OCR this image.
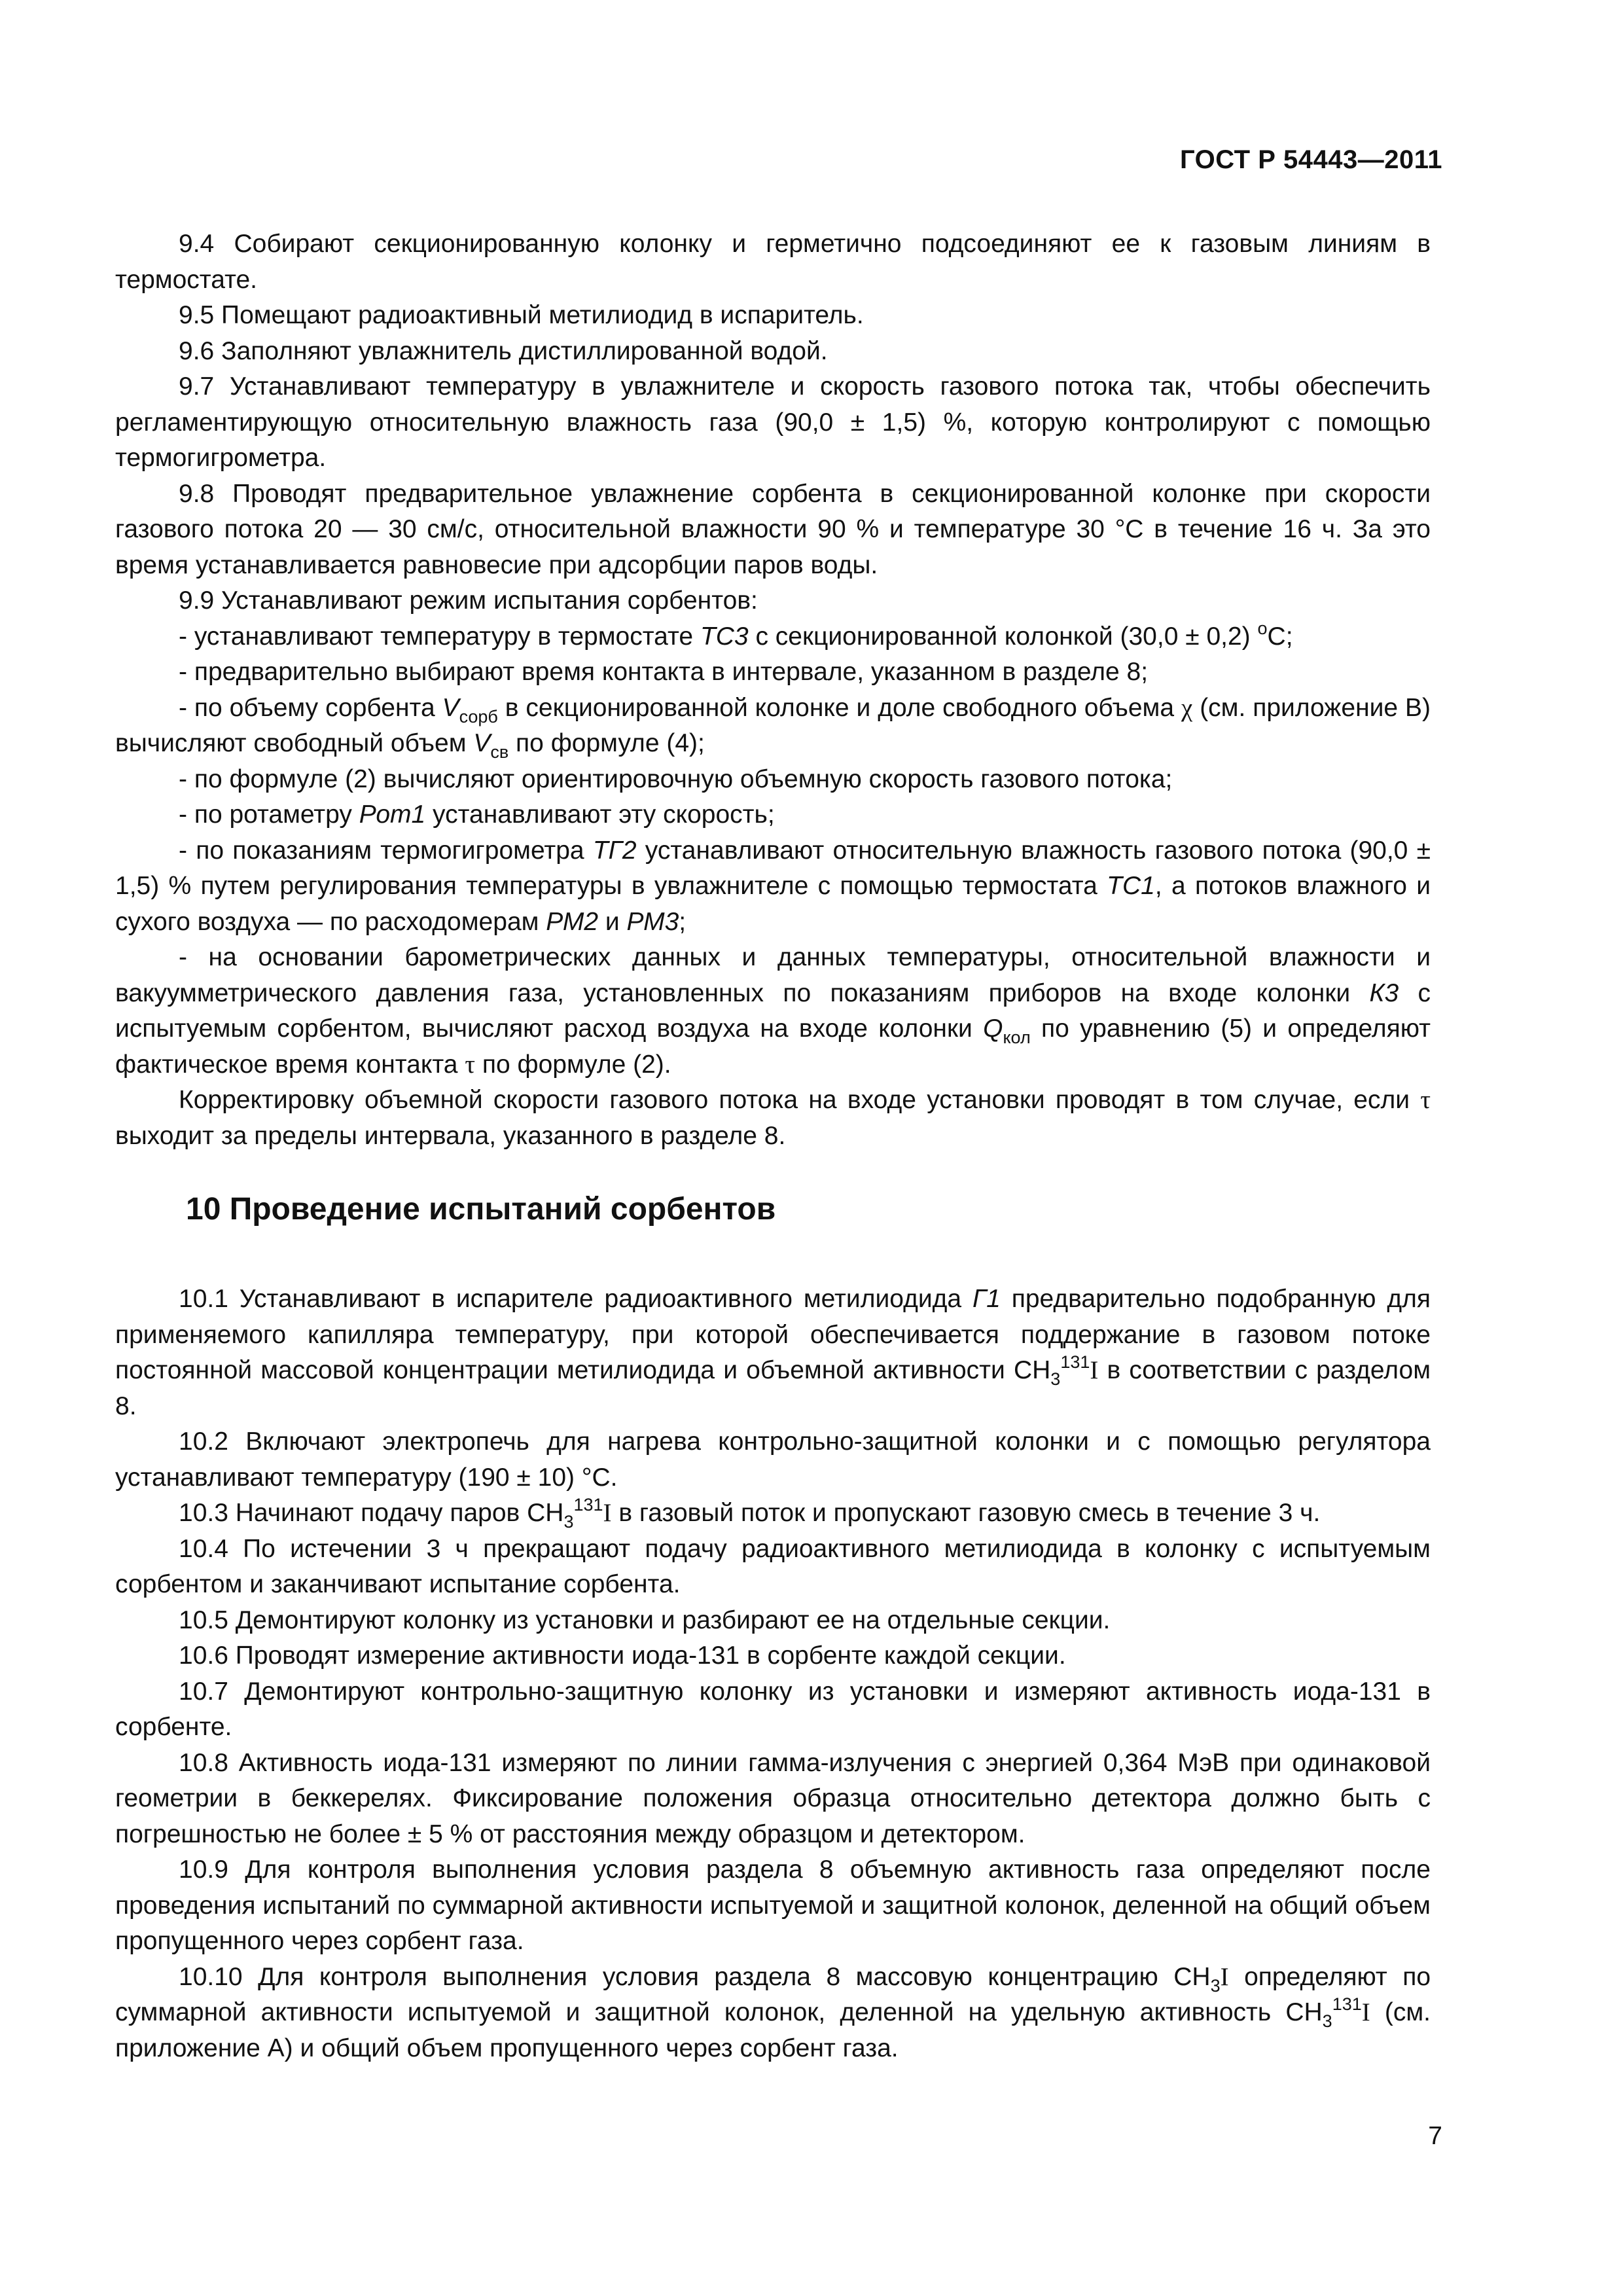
ГОСТ Р 54443—2011

9.4 Собирают секционированную колонку и герметично подсоединяют ее к газовым линиям в термостате.

9.5 Помещают радиоактивный метилиодид в испаритель.

9.6 Заполняют увлажнитель дистиллированной водой.

9.7 Устанавливают температуру в увлажнителе и скорость газового потока так, чтобы обеспечить регламентирующую относительную влажность газа (90,0 ± 1,5) %, которую контролируют с помощью термогигрометра.

9.8 Проводят предварительное увлажнение сорбента в секционированной колонке при скорости газового потока 20 — 30 см/с, относительной влажности 90 % и температуре 30 °С в течение 16 ч. За это время устанавливается равновесие при адсорбции паров воды.

9.9 Устанавливают режим испытания сорбентов:

- устанавливают температуру в термостате ТС3 с секционированной колонкой (30,0 ± 0,2) $^о$С;

- предварительно выбирают время контакта в интервале, указанном в разделе 8;

- по объему сорбента $V_{сорб}$ в секционированной колонке и доле свободного объема χ (см. приложение В) вычисляют свободный объем $V_{св}$ по формуле (4);

- по формуле (2) вычисляют ориентировочную объемную скорость газового потока;

- по ротаметру Рот1 устанавливают эту скорость;

- по показаниям термогигрометра ТГ2 устанавливают относительную влажность газового потока (90,0 ± 1,5) % путем регулирования температуры в увлажнителе с помощью термостата ТС1, а потоков влажного и сухого воздуха — по расходомерам РМ2 и РМ3;

- на основании барометрических данных и данных температуры, относительной влажности и вакуумметрического давления газа, установленных по показаниям приборов на входе колонки К3 с испытуемым сорбентом, вычисляют расход воздуха на входе колонки $Q_{кол}$ по уравнению (5) и определяют фактическое время контакта τ по формуле (2).

Корректировку объемной скорости газового потока на входе установки проводят в том случае, если τ выходит за пределы интервала, указанного в разделе 8.

10 Проведение испытаний сорбентов

10.1 Устанавливают в испарителе радиоактивного метилиодида Г1 предварительно подобранную для применяемого капилляра температуру, при которой обеспечивается поддержание в газовом потоке постоянной массовой концентрации метилиодида и объемной активности $СН_3^{131}I$ в соответствии с разделом 8.

10.2 Включают электропечь для нагрева контрольно-защитной колонки и с помощью регулятора устанавливают температуру (190 ± 10) °С.

10.3 Начинают подачу паров $СН_3^{131}I$ в газовый поток и пропускают газовую смесь в течение 3 ч.

10.4 По истечении 3 ч прекращают подачу радиоактивного метилиодида в колонку с испытуемым сорбентом и заканчивают испытание сорбента.

10.5 Демонтируют колонку из установки и разбирают ее на отдельные секции.

10.6 Проводят измерение активности иода-131 в сорбенте каждой секции.

10.7 Демонтируют контрольно-защитную колонку из установки и измеряют активность иода-131 в сорбенте.

10.8 Активность иода-131 измеряют по линии гамма-излучения с энергией 0,364 МэВ при одинаковой геометрии в беккерелях. Фиксирование положения образца относительно детектора должно быть с погрешностью не более ± 5 % от расстояния между образцом и детектором.

10.9 Для контроля выполнения условия раздела 8 объемную активность газа определяют после проведения испытаний по суммарной активности испытуемой и защитной колонок, деленной на общий объем пропущенного через сорбент газа.

10.10 Для контроля выполнения условия раздела 8 массовую концентрацию $СН_3I$ определяют по суммарной активности испытуемой и защитной колонок, деленной на удельную активность $СН_3^{131}I$ (см. приложение А) и общий объем пропущенного через сорбент газа.

7
